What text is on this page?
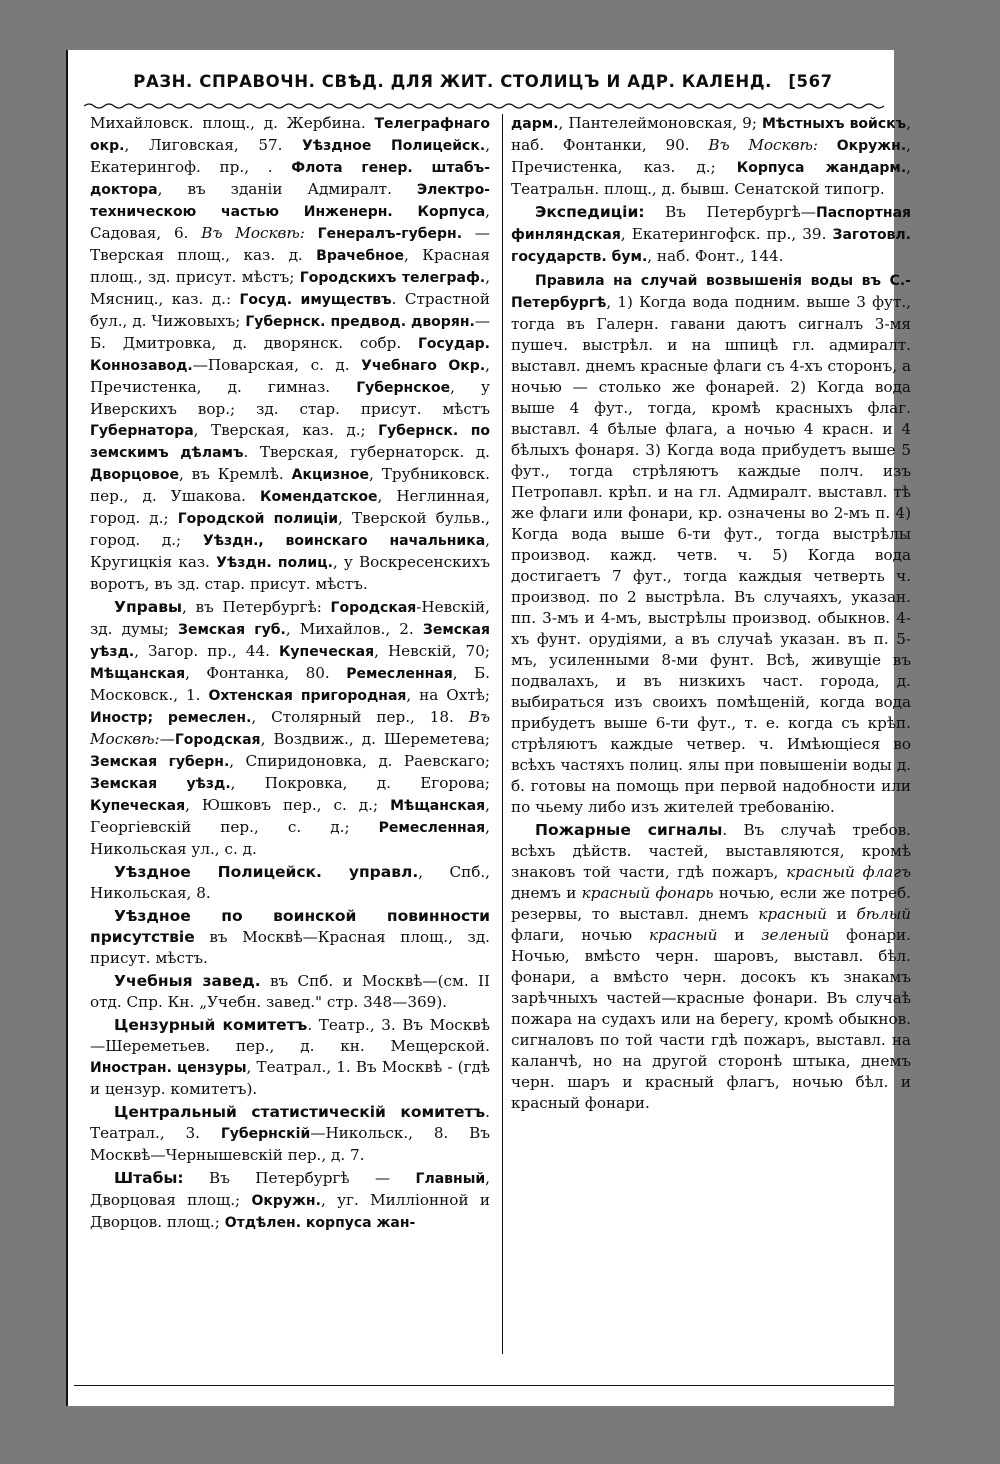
РАЗН. СПРАВОЧН. СВѢД. ДЛЯ ЖИТ. СТОЛИЦЪ И АДР. КАЛЕНД. [567

Михайловск. площ., д. Жербина. Телеграфнаго окр., Лиговская, 57. Уѣздное Полицейск., Екатерингоф. пр., . Флота генер. штабъ-доктора, въ зданіи Адмиралт. Электро-техническою частью Инженерн. Корпуса, Садовая, 6. Въ Москвѣ: Генералъ-губерн. — Тверская площ., каз. д. Врачебное, Красная площ., зд. присут. мѣстъ; Городскихъ телеграф., Мясниц., каз. д.: Госуд. имуществъ. Страстной бул., д. Чижовыхъ; Губернск. предвод. дворян.— Б. Дмитровка, д. дворянск. собр. Государ. Коннозавод.—Поварская, с. д. Учебнаго Окр., Пречистенка, д. гимназ. Губернское, у Иверскихъ вор.; зд. стар. присут. мѣстъ Губернатора, Тверская, каз. д.; Губернск. по земскимъ дѣламъ. Тверская, губернаторск. д. Дворцовое, въ Кремлѣ. Акцизное, Трубниковск. пер., д. Ушакова. Комендатское, Неглинная, город. д.; Городской полиціи, Тверской бульв., город. д.; Уѣздн., воинскаго начальника, Кругицкія каз. Уѣздн. полиц., у Воскресенскихъ воротъ, въ зд. стар. присут. мѣстъ.

Управы, въ Петербургѣ: Городская-Невскій, зд. думы; Земская губ., Михайлов., 2. Земская уѣзд., Загор. пр., 44. Купеческая, Невскій, 70; Мѣщанская, Фонтанка, 80. Ремесленная, Б. Московск., 1. Охтенская пригородная, на Охтѣ; Иностр; ремеслен., Столярный пер., 18. Въ Москвѣ:—Городская, Воздвиж., д. Шереметева; Земская губерн., Спиридоновка, д. Раевскаго; Земская уѣзд., Покровка, д. Егорова; Купеческая, Юшковъ пер., с. д.; Мѣщанская, Георгіевскій пер., с. д.; Ремесленная, Никольская ул., с. д.

Уѣздное Полицейск. управл., Спб., Никольская, 8.

Уѣздное по воинской повинности присутствіе въ Москвѣ—Красная площ., зд. присут. мѣстъ.

Учебныя завед. въ Спб. и Москвѣ—(см. II отд. Спр. Кн. „Учебн. завед." стр. 348—369).

Цензурный комитетъ. Театр., 3. Въ Москвѣ—Шереметьев. пер., д. кн. Мещерской. Иностран. цензуры, Театрал., 1. Въ Москвѣ - (гдѣ и цензур. комитетъ).

Центральный статистическій комитетъ. Театрал., 3. Губернскій—Никольск., 8. Въ Москвѣ—Чернышевскій пер., д. 7.

Штабы: Въ Петербургѣ — Главный, Дворцовая площ.; Окружн., уг. Милліонной и Дворцов. площ.; Отдѣлен. корпуса жан-

дарм., Пантелеймоновская, 9; Мѣстныхъ войскъ, наб. Фонтанки, 90. Въ Москвѣ: Окружн., Пречистенка, каз. д.; Корпуса жандарм., Театральн. площ., д. бывш. Сенатской типогр.

Экспедиціи: Въ Петербургѣ—Паспортная финляндская, Екатерингофск. пр., 39. Заготовл. государств. бум., наб. Фонт., 144.

Правила на случай возвышенія воды въ С.-Петербургѣ, 1) Когда вода подним. выше 3 фут., тогда въ Галерн. гавани даютъ сигналъ 3-мя пушеч. выстрѣл. и на шпицѣ гл. адмиралт. выставл. днемъ красные флаги съ 4-хъ сторонъ, а ночью — столько же фонарей. 2) Когда вода выше 4 фут., тогда, кромѣ красныхъ флаг. выставл. 4 бѣлые флага, а ночью 4 красн. и 4 бѣлыхъ фонаря. 3) Когда вода прибудетъ выше 5 фут., тогда стрѣляютъ каждые полч. изъ Петропавл. крѣп. и на гл. Адмиралт. выставл. тѣ же флаги или фонари, кр. означены во 2-мъ п. 4) Когда вода выше 6-ти фут., тогда выстрѣлы производ. кажд. четв. ч. 5) Когда вода достигаетъ 7 фут., тогда каждыя четверть ч. производ. по 2 выстрѣла. Въ случаяхъ, указан. пп. 3-мъ и 4-мъ, выстрѣлы производ. обыкнов. 4-хъ фунт. орудіями, а въ случаѣ указан. въ п. 5-мъ, усиленными 8-ми фунт. Всѣ, живущіе въ подвалахъ, и въ низкихъ част. города, д. выбираться изъ своихъ помѣщеній, когда вода прибудетъ выше 6-ти фут., т. е. когда съ крѣп. стрѣляютъ каждые четвер. ч. Имѣющіеся во всѣхъ частяхъ полиц. ялы при повышеніи воды д. б. готовы на помощь при первой надобности или по чьему либо изъ жителей требованію.

Пожарные сигналы. Въ случаѣ требов. всѣхъ дѣйств. частей, выставляются, кромѣ знаковъ той части, гдѣ пожаръ, красный флагъ днемъ и красный фонарь ночью, если же потреб. резервы, то выставл. днемъ красный и бѣлый флаги, ночью красный и зеленый фонари. Ночью, вмѣсто черн. шаровъ, выставл. бѣл. фонари, а вмѣсто черн. досокъ къ знакамъ зарѣчныхъ частей—красные фонари. Въ случаѣ пожара на судахъ или на берегу, кромѣ обыкнов. сигналовъ по той части гдѣ пожаръ, выставл. на каланчѣ, но на другой сторонѣ штыка, днемъ черн. шаръ и красный флагъ, ночью бѣл. и красный фонари.
